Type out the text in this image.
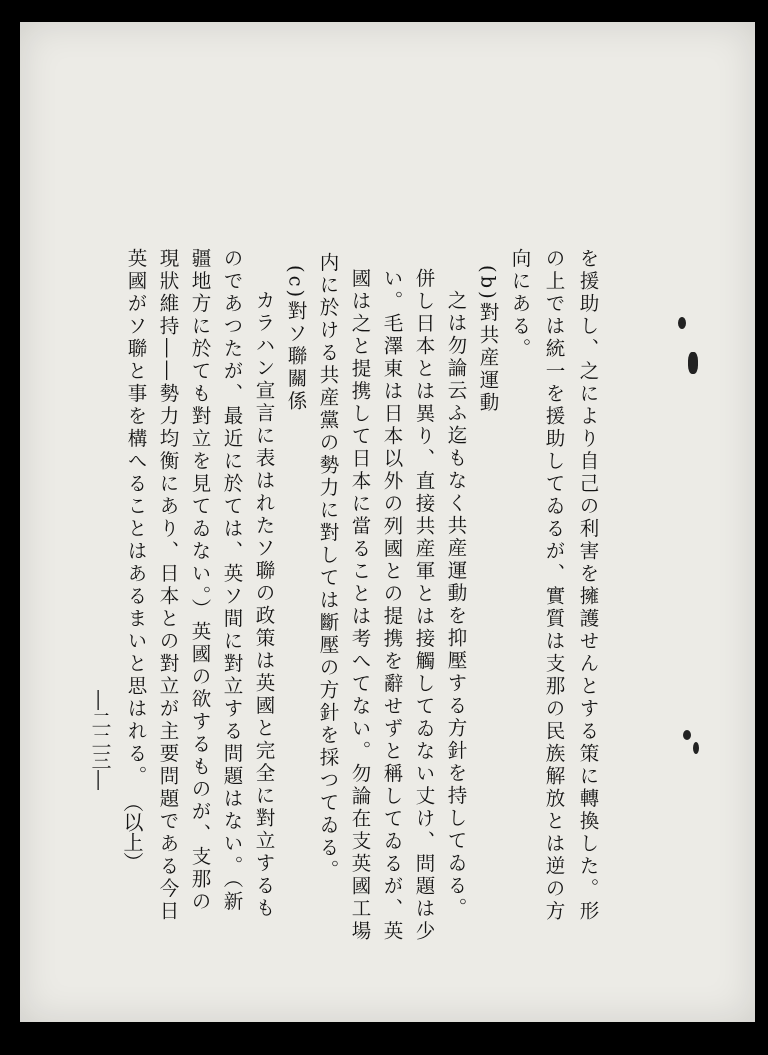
を援助し、之により自己の利害を擁護せんとする策に轉換した。形
の上では統一を援助してゐるが、實質は支那の民族解放とは逆の方
向にある。
(b)對共産運動
之は勿論云ふ迄もなく共産運動を抑壓する方針を持してゐる。
併し日本とは異り、直接共産軍とは接觸してゐない丈け、問題は少
い。毛澤東は日本以外の列國との提携を辭せずと稱してゐるが、英
國は之と提携して日本に當ることは考へてない。勿論在支英國工場
内に於ける共産黨の勢力に對しては斷壓の方針を採つてゐる。
(c)對ソ聯關係
カラハン宣言に表はれたソ聯の政策は英國と完全に對立するも
のであつたが、最近に於ては、英ソ間に對立する問題はない。（新
疆地方に於ても對立を見てゐない。）英國の欲するものが、支那の
現狀維持――勢力均衡にあり、日本との對立が主要問題である今日
英國がソ聯と事を構へることはあるまいと思はれる。
―二二三―
（以上）
